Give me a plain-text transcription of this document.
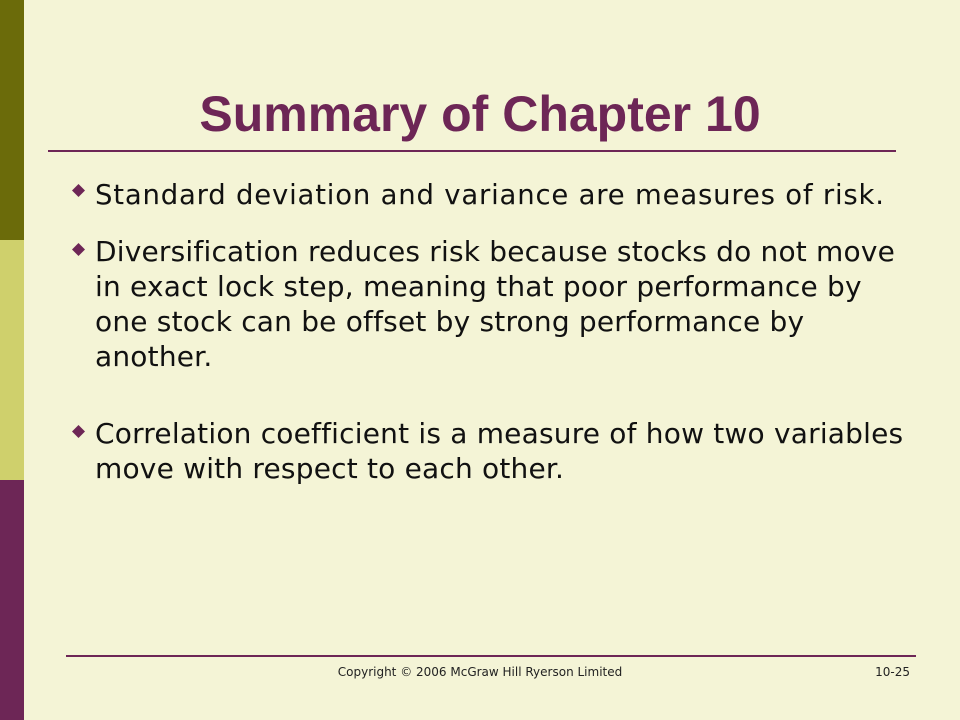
Summary of Chapter 10
Standard deviation and variance are measures of risk.
Diversification reduces risk because stocks do not move in exact lock step, meaning that poor performance by one stock can be offset by strong performance by another.
Correlation coefficient is a measure of how two variables move with respect to each other.
Copyright © 2006 McGraw Hill Ryerson Limited	10-25
